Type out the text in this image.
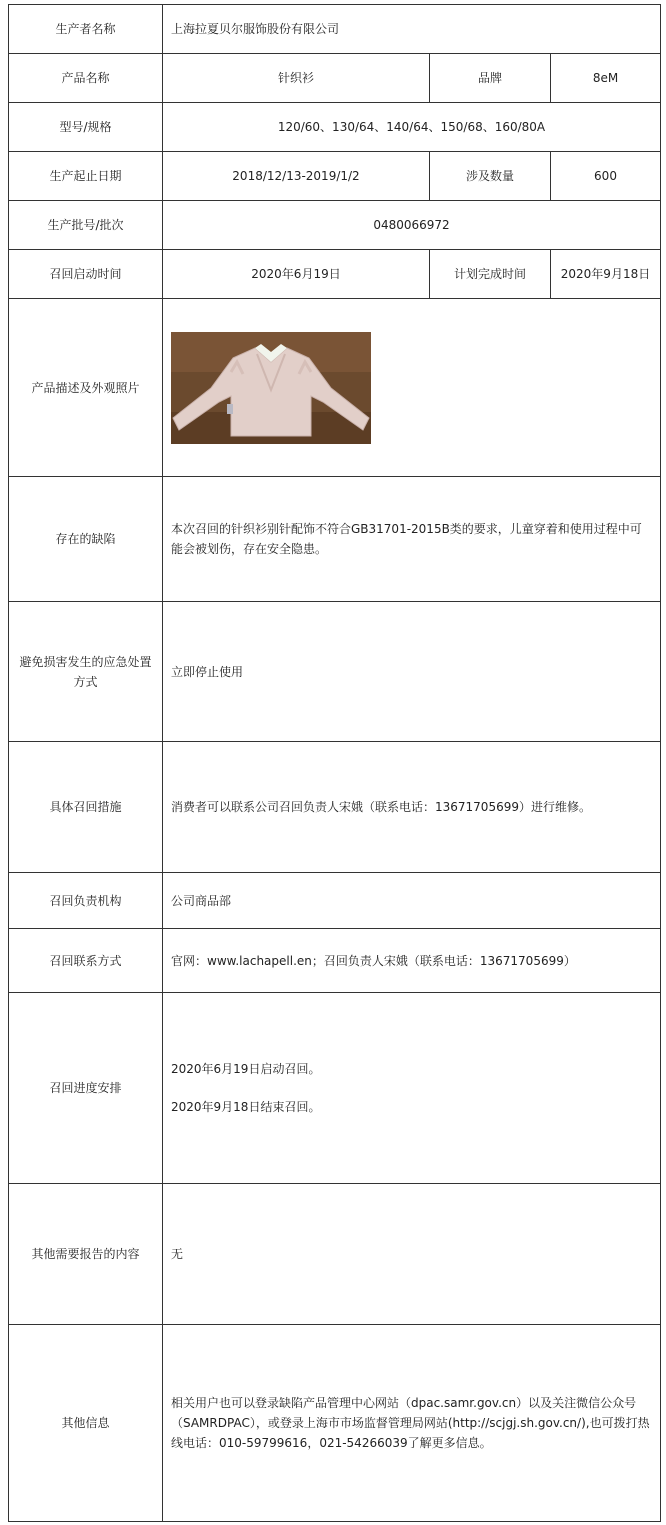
生产者名称	上海拉夏贝尔服饰股份有限公司		
产品名称	针织衫	品牌	8eM
型号/规格	120/60、130/64、140/64、150/68、160/80A		
生产起止日期	2018/12/13-2019/1/2	涉及数量	600
生产批号/批次	0480066972		
召回启动时间	2020年6月19日	计划完成时间	2020年9月18日
产品描述及外观照片	

存在的缺陷	本次召回的针织衫别针配饰不符合GB31701-2015B类的要求，儿童穿着和使用过程中可能会被划伤，存在安全隐患。		
避免损害发生的应急处置方式	立即停止使用		
具体召回措施	消费者可以联系公司召回负责人宋娥（联系电话：13671705699）进行维修。		
召回负责机构	公司商品部		
召回联系方式	官网：www.lachapell.en；召回负责人宋娥（联系电话：13671705699）		
召回进度安排	2020年6月19日启动召回。
2020年9月18日结束召回。		

其他需要报告的内容	无		
其他信息	相关用户也可以登录缺陷产品管理中心网站（dpac.samr.gov.cn）以及关注微信公众号（SAMRDPAC），或登录上海市市场监督管理局网站(http://scjgj.sh.gov.cn/),也可拨打热线电话：010-59799616，021-54266039了解更多信息。		
